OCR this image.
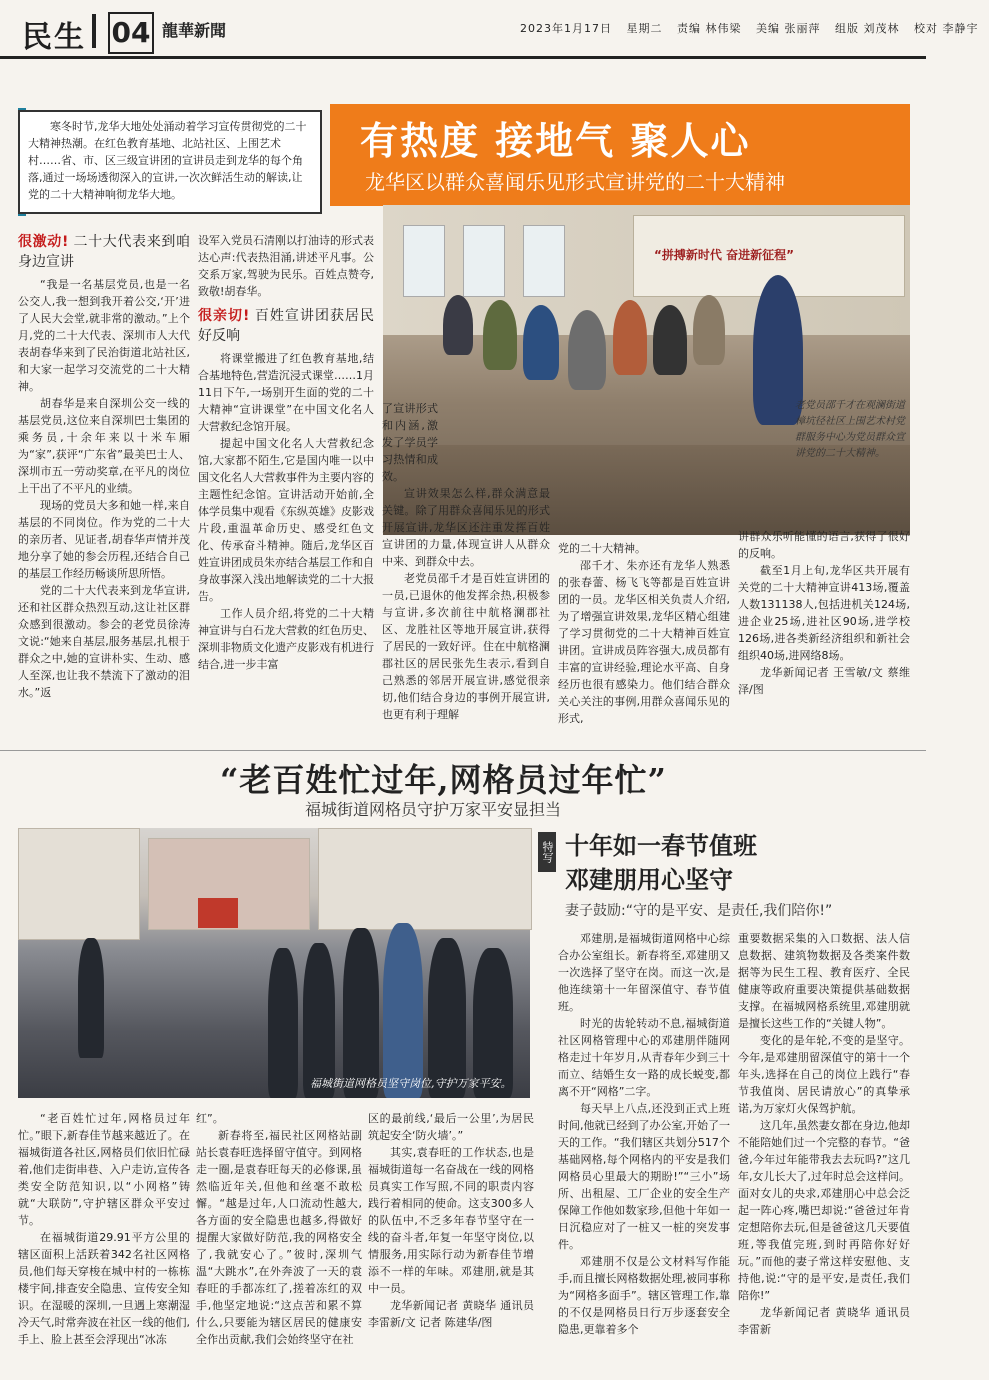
民生 04 龍華新聞	2023年1月17日 星期二 责编 林伟梁 美编 张丽萍 组版 刘茂林 校对 李静宇
寒冬时节,龙华大地处处涌动着学习宣传贯彻党的二十大精神热潮。在红色教育基地、北站社区、上围艺术村……省、市、区三级宣讲团的宣讲员走到龙华的每个角落,通过一场场透彻深入的宣讲,一次次鲜活生动的解读,让党的二十大精神响彻龙华大地。
有热度 接地气 聚人心
龙华区以群众喜闻乐见形式宣讲党的二十大精神
“拼搏新时代 奋进新征程”
老党员邵千才在观澜街道樟坑径社区上围艺术村党群服务中心为党员群众宣讲党的二十大精神。
很激动! 二十大代表来到咱身边宣讲

“我是一名基层党员,也是一名公交人,我一想到我开着公交,‘开’进了人民大会堂,就非常的激动。”上个月,党的二十大代表、深圳市人大代表胡春华来到了民治街道北站社区,和大家一起学习交流党的二十大精神。

胡春华是来自深圳公交一线的基层党员,这位来自深圳巴士集团的乘务员,十余年来以十米车厢为“家”,获评“广东省”最美巴士人、深圳市五一劳动奖章,在平凡的岗位上干出了不平凡的业绩。

现场的党员大多和她一样,来自基层的不同岗位。作为党的二十大的亲历者、见证者,胡春华声情并茂地分享了她的参会历程,还结合自己的基层工作经历畅谈所思所悟。

党的二十大代表来到龙华宣讲,还和社区群众热烈互动,这让社区群众感到很激动。参会的老党员徐涛文说:“她来自基层,服务基层,扎根于群众之中,她的宣讲朴实、生动、感人至深,也让我不禁流下了激动的泪水。”返

设军入党员石清刚以打油诗的形式表达心声:代表热泪涌,讲述平凡事。公交系万家,驾驶为民乐。百姓点赞夸,致敬!胡春华。

很亲切! 百姓宣讲团获居民好反响

将课堂搬进了红色教育基地,结合基地特色,营造沉浸式课堂……1月11日下午,一场别开生面的党的二十大精神“宣讲课堂”在中国文化名人大营救纪念馆开展。

提起中国文化名人大营救纪念馆,大家都不陌生,它是国内唯一以中国文化名人大营救事件为主要内容的主题性纪念馆。宣讲活动开始前,全体学员集中观看《东纵英雄》皮影戏片段,重温革命历史、感受红色文化、传承奋斗精神。随后,龙华区百姓宣讲团成员朱亦结合基层工作和自身故事深入浅出地解读党的二十大报告。

工作人员介绍,将党的二十大精神宣讲与白石龙大营救的红色历史、深圳非物质文化遗产皮影戏有机进行结合,进一步丰富

了宣讲形式和内涵,激发了学员学习热情和成效。

宣讲效果怎么样,群众满意最关键。除了用群众喜闻乐见的形式开展宣讲,龙华区还注重发挥百姓宣讲团的力量,体现宣讲人从群众中来、到群众中去。

老党员邵千才是百姓宣讲团的一员,已退休的他发挥余热,积极参与宣讲,多次前往中航格澜郡社区、龙胜社区等地开展宣讲,获得了居民的一致好评。住在中航格澜郡社区的居民张先生表示,看到自己熟悉的邻居开展宣讲,感觉很亲切,他们结合身边的事例开展宣讲,也更有利于理解

党的二十大精神。

邵千才、朱亦还有龙华人熟悉的张春蕾、杨飞飞等都是百姓宣讲团的一员。龙华区相关负责人介绍,为了增强宣讲效果,龙华区精心组建了学习贯彻党的二十大精神百姓宣讲团。宣讲成员阵容强大,成员都有丰富的宣讲经验,理论水平高、自身经历也很有感染力。他们结合群众关心关注的事例,用群众喜闻乐见的形式,

讲群众乐听能懂的语言,获得了很好的反响。

截至1月上旬,龙华区共开展有关党的二十大精神宣讲413场,覆盖人数131138人,包括进机关124场,进企业25场,进社区90场,进学校126场,进各类新经济组织和新社会组织40场,进网络8场。

龙华新闻记者 王雪敏/文 蔡维泽/图

“老百姓忙过年,网格员过年忙”
福城街道网格员守护万家平安显担当
福城街道网格员坚守岗位,守护万家平安。

“老百姓忙过年,网格员过年忙。”眼下,新春佳节越来越近了。在福城街道各社区,网格员们依旧忙碌着,他们走街串巷、入户走访,宣传各类安全防范知识,以“小网格”铸就“大联防”,守护辖区群众平安过节。

在福城街道29.91平方公里的辖区面积上活跃着342名社区网格员,他们每天穿梭在城中村的一栋栋楼宇间,排查安全隐患、宣传安全知识。在湿暖的深圳,一旦遇上寒潮湿冷天气,时常奔波在社区一线的他们,手上、脸上甚至会浮现出“冰冻

红”。

新春将至,福民社区网格站副站长袁春旺选择留守值守。到网格走一圈,是袁春旺每天的必修课,虽然临近年关,但他和丝毫不敢松懈。“越是过年,人口流动性越大,各方面的安全隐患也越多,得做好提醒大家做好防范,我的网格安全了,我就安心了。”彼时,深圳气温“大跳水”,在外奔波了一天的袁春旺的手都冻红了,搓着冻红的双手,他坚定地说:“这点苦和累不算什么,只要能为辖区居民的健康安全作出贡献,我们会始终坚守在社

区的最前线,‘最后一公里’,为居民筑起安全‘防火墙’。”

其实,袁春旺的工作状态,也是福城街道每一名奋战在一线的网格员真实工作写照,不同的职责内容践行着相同的使命。这支300多人的队伍中,不乏多年春节坚守在一线的奋斗者,年复一年坚守岗位,以情服务,用实际行动为新春佳节增添不一样的年味。邓建朋,就是其中一员。

龙华新闻记者 黄晓华 通讯员 李雷新/文 记者 陈建华/图

特写 十年如一春节值班
邓建朋用心坚守
妻子鼓励:“守的是平安、是责任,我们陪你!”

邓建朋,是福城街道网格中心综合办公室组长。新春将至,邓建朋又一次选择了坚守在岗。而这一次,是他连续第十一年留深值守、春节值班。

时光的齿轮转动不息,福城街道社区网格管理中心的邓建朋伴随网格走过十年岁月,从青春年少到三十而立、结婚生女一路的成长蜕变,都离不开“网格”二字。

每天早上八点,还没到正式上班时间,他就已经到了办公室,开始了一天的工作。“我们辖区共划分517个基础网格,每个网格内的平安是我们网格员心里最大的期盼!”“三小”场所、出租屋、工厂企业的安全生产保障工作他如数家珍,但他十年如一日沉稳应对了一桩又一桩的突发事件。

邓建朋不仅是公文材料写作能手,而且擅长网格数据处理,被同事称为“网格多面手”。辖区管理工作,靠的不仅是网格员日行万步逐套安全隐患,更靠着多个

重要数据采集的入口数据、法人信息数据、建筑物数据及各类案件数据等为民生工程、教育医疗、全民健康等政府重要决策提供基础数据支撑。在福城网格系统里,邓建朋就是擅长这些工作的“关键人物”。

变化的是年轮,不变的是坚守。今年,是邓建朋留深值守的第十一个年头,选择在自己的岗位上践行“春节我值岗、居民请放心”的真挚承诺,为万家灯火保驾护航。

这几年,虽然妻女都在身边,他却不能陪她们过一个完整的春节。“爸爸,今年过年能带我去去玩吗?”这几年,女儿长大了,过年时总会这样问。面对女儿的央求,邓建朋心中总会泛起一阵心疼,嘴巴却说:“爸爸过年肯定想陪你去玩,但是爸爸这几天要值班,等我值完班,到时再陪你好好玩。”而他的妻子常这样安慰他、支持他,说:“守的是平安,是责任,我们陪你!”

龙华新闻记者 黄晓华 通讯员 李雷新
